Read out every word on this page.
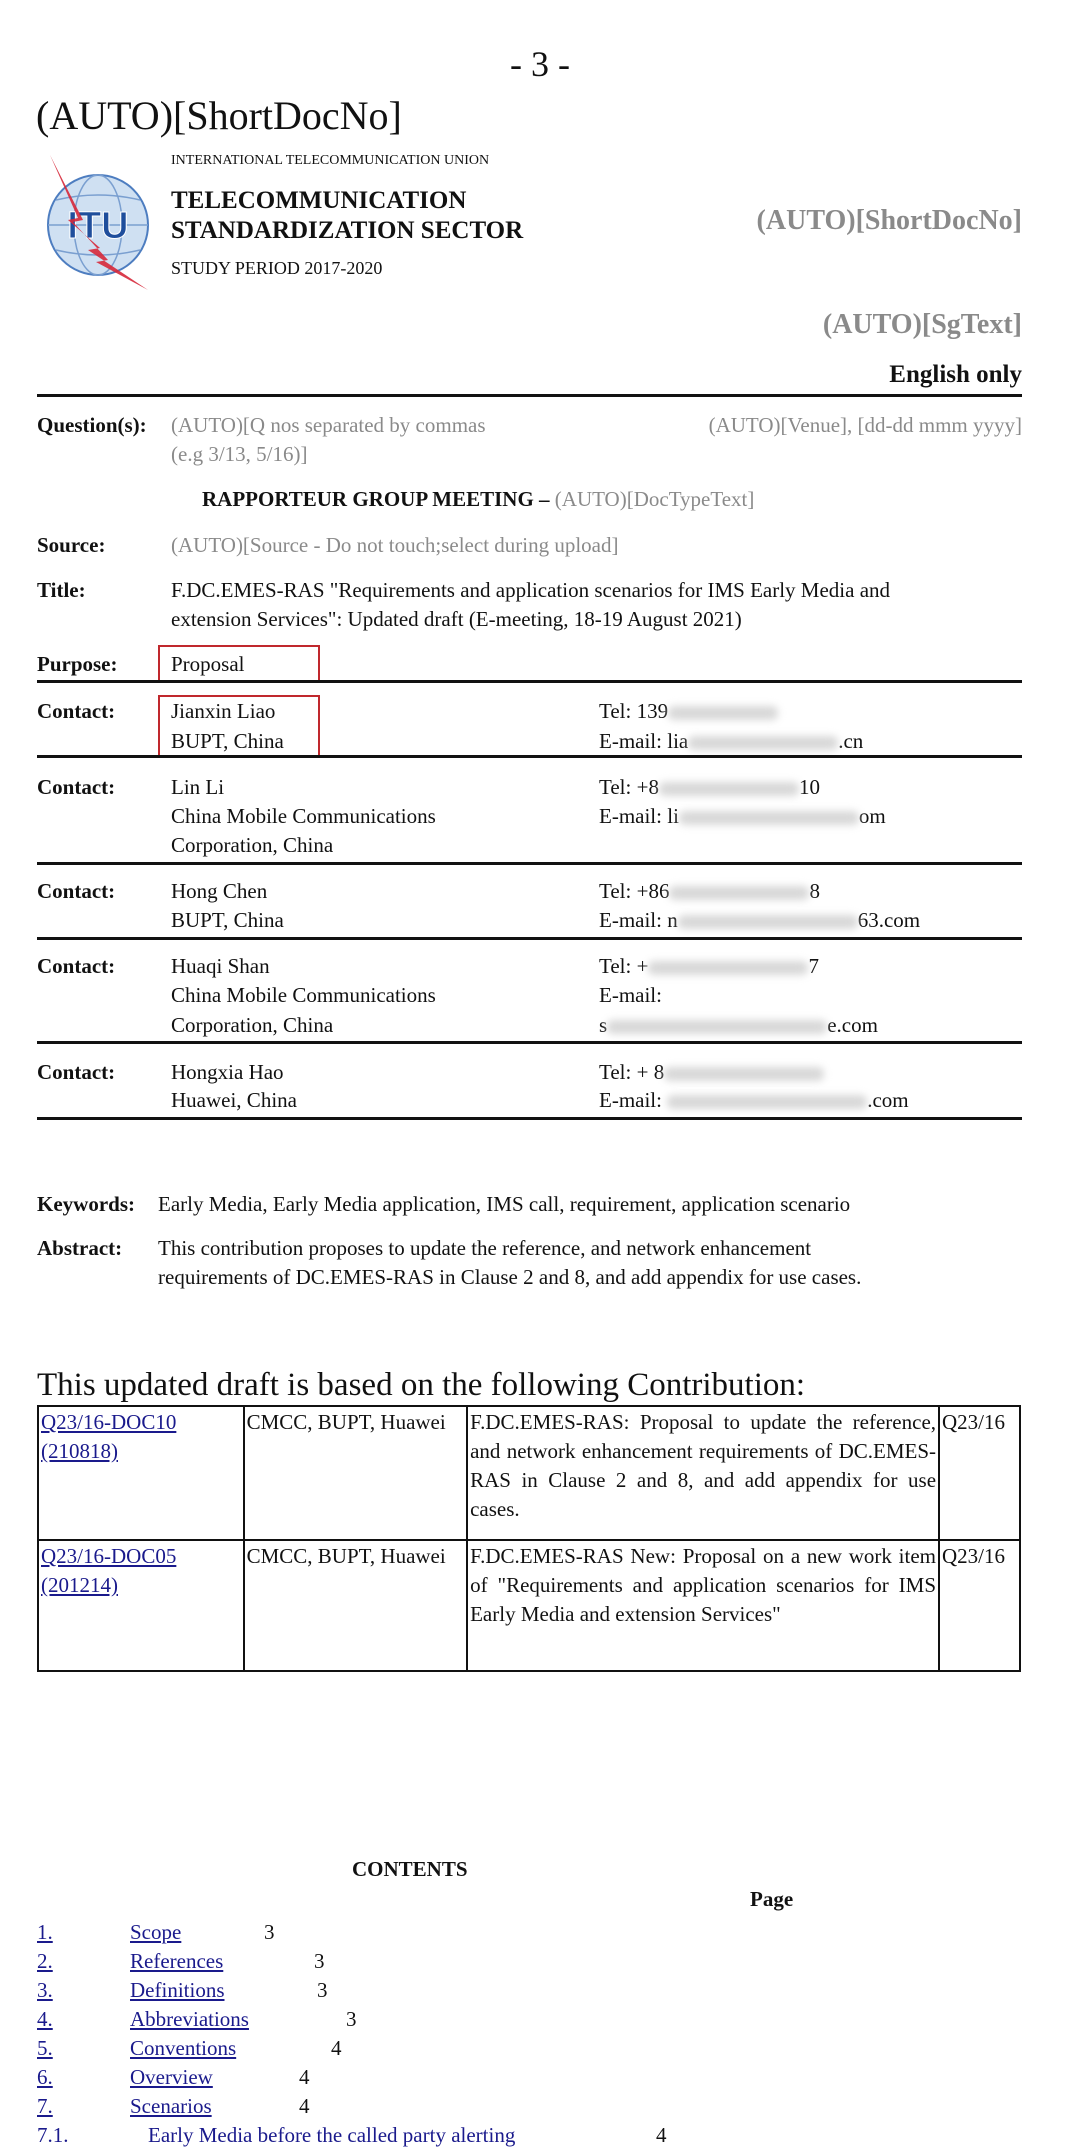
- 3 -
(AUTO)[ShortDocNo]
ITU
INTERNATIONAL TELECOMMUNICATION UNION
TELECOMMUNICATION
STANDARDIZATION SECTOR
STUDY PERIOD 2017-2020
(AUTO)[ShortDocNo]
(AUTO)[SgText]
English only
Question(s): (AUTO)[Q nos separated by commas
(e.g 3/13, 5/16)]
(AUTO)[Venue], [dd-dd mmm yyyy]
RAPPORTEUR GROUP MEETING – (AUTO)[DocTypeText]
Source:	(AUTO)[Source - Do not touch;select during upload]
Title:	F.DC.EMES-RAS "Requirements and application scenarios for IMS Early Media and
extension Services": Updated draft (E-meeting, 18-19 August 2021)
Purpose:	Proposal
Contact:	Jianxin Liao
BUPT, China
Tel: 139
E-mail: lia	.cn
Contact:	Lin Li
China Mobile Communications
Corporation, China
Tel: +8	10
E-mail: li	om
Contact:	Hong Chen
BUPT, China
Tel: +86	8
E-mail: n	63.com
Contact:	Huaqi Shan
China Mobile Communications
Corporation, China
Tel: +	7
E-mail:
s	e.com
Contact:	Hongxia Hao
Huawei, China
Tel: + 8
E-mail:	.com
Keywords: Early Media, Early Media application, IMS call, requirement, application scenario
Abstract: This contribution proposes to update the reference, and network enhancement
requirements of DC.EMES-RAS in Clause 2 and 8, and add appendix for use cases.
This updated draft is based on the following Contribution:
Q23/16-DOC10 (210818)	CMCC, BUPT, Huawei	F.DC.EMES-RAS: Proposal to update the reference, and network enhancement requirements of DC.EMES-RAS in Clause 2 and 8, and add appendix for use cases.	Q23/16
Q23/16-DOC05 (201214)	CMCC, BUPT, Huawei	F.DC.EMES-RAS New: Proposal on a new work item of "Requirements and application scenarios for IMS Early Media and extension Services"	Q23/16
CONTENTS
Page
1.	Scope	3
2.	References	3
3.	Definitions	3
4.	Abbreviations	3
5.	Conventions	4
6.	Overview	4
7.	Scenarios	4
7.1.	Early Media before the called party alerting	4
